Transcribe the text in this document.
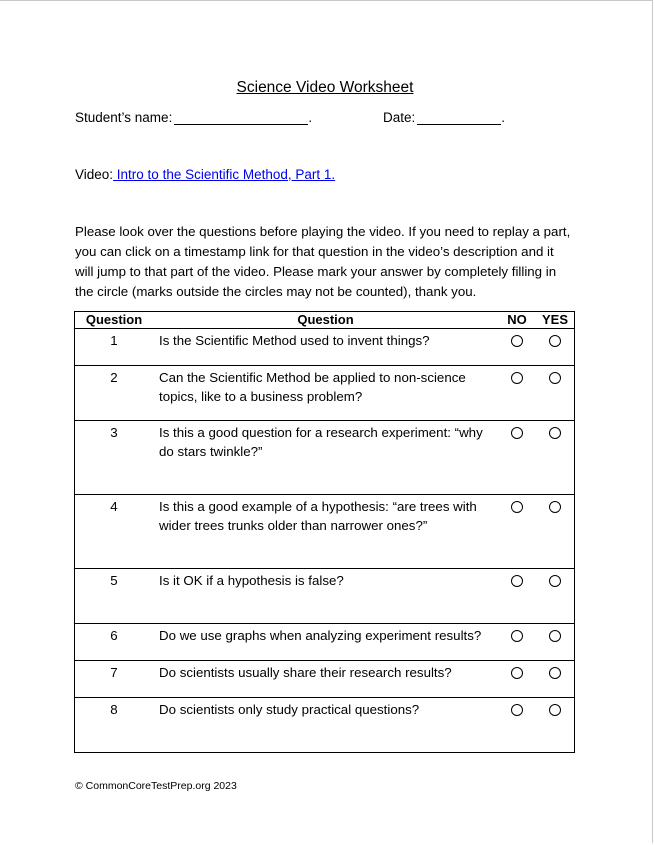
Science Video Worksheet
Student’s name:	.	Date:	.
Video: Intro to the Scientific Method, Part 1.
Please look over the questions before playing the video. If you need to replay a part, you can click on a timestamp link for that question in the video’s description and it will jump to that part of the video. Please mark your answer by completely filling in the circle (marks outside the circles may not be counted), thank you.
Question	Question	NO	YES
1	Is the Scientific Method used to invent things?		
2	Can the Scientific Method be applied to non-science topics, like to a business problem?		
3	Is this a good question for a research experiment: “why do stars twinkle?”		
4	Is this a good example of a hypothesis: “are trees with wider trees trunks older than narrower ones?”		
5	Is it OK if a hypothesis is false?		
6	Do we use graphs when analyzing experiment results?		
7	Do scientists usually share their research results?		
8	Do scientists only study practical questions?		
© CommonCoreTestPrep.org 2023
